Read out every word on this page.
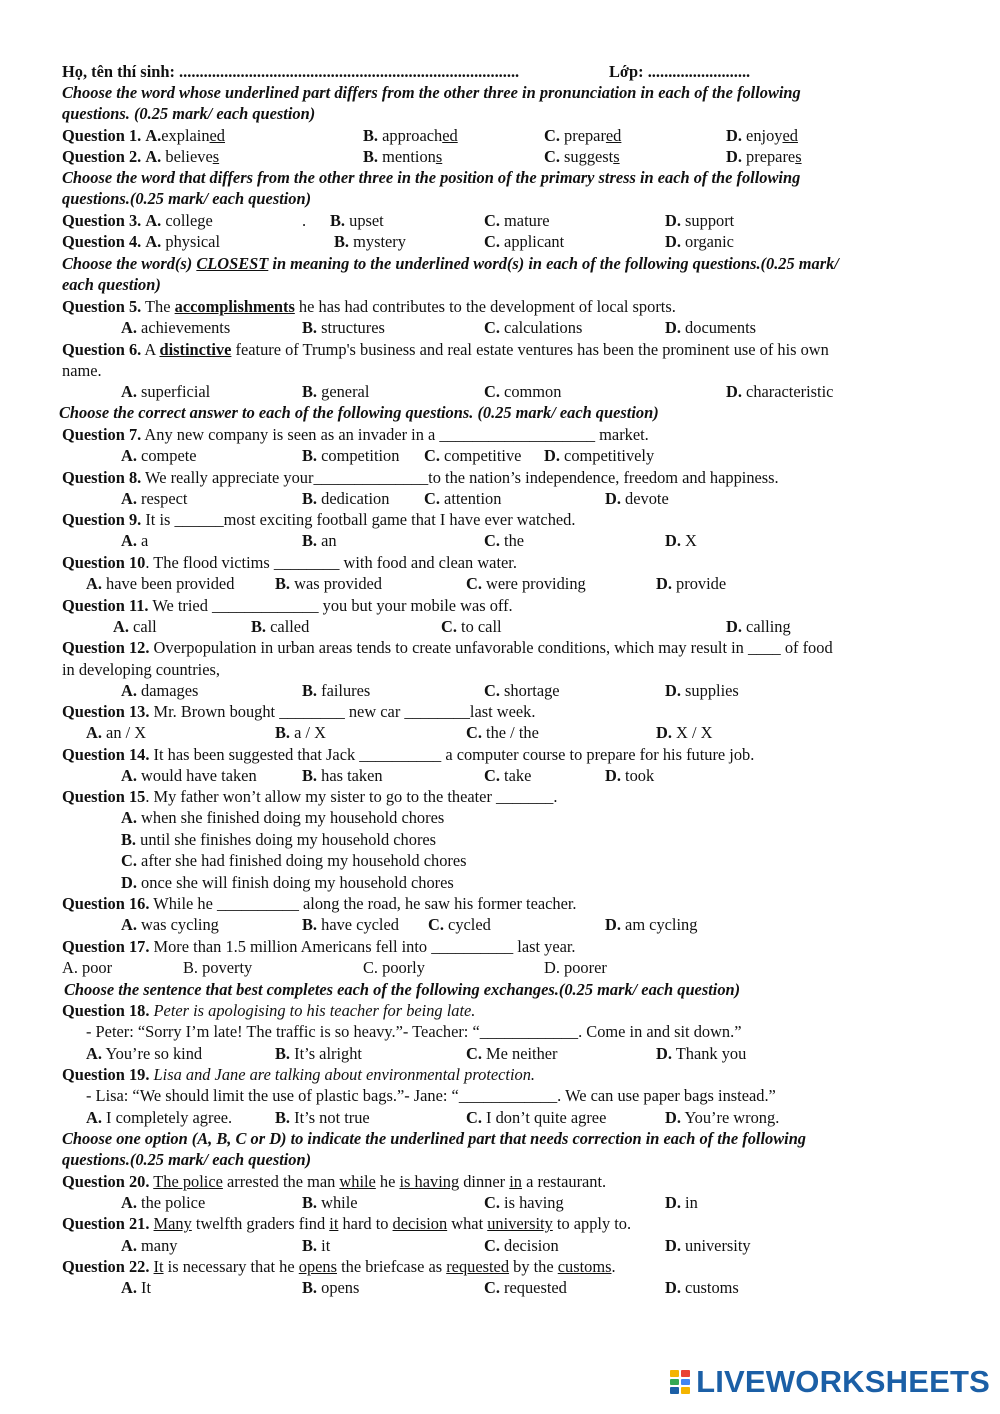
Họ, tên thí sinh: ...................................................................................	Lớp: .........................
Choose the word whose underlined part differs from the other three in pronunciation in each of the following
questions. (0.25 mark/ each question)
Question 1. A.explained	B. approached	C. prepared	D. enjoyed
Question 2. A. believes	B. mentions	C. suggests	D. prepares
Choose the word that differs from the other three in the position of the primary stress in each of the following
questions.(0.25 mark/ each question)
Question 3. A. college	. B. upset	C. mature	D. support
Question 4. A. physical	B. mystery	C. applicant	D. organic
Choose the word(s) CLOSEST in meaning to the underlined word(s) in each of the following questions.(0.25 mark/
each question)
Question 5. The accomplishments he has had contributes to the development of local sports.
A. achievements	B. structures	C. calculations	D. documents
Question 6. A distinctive feature of Trump's business and real estate ventures has been the prominent use of his own
name.
A. superficial	B. general	C. common	D. characteristic
Choose the correct answer to each of the following questions. (0.25 mark/ each question)
Question 7. Any new company is seen as an invader in a ___________________ market.
A. compete	B. competition C. competitive D. competitively
Question 8. We really appreciate your______________to the nation’s independence, freedom and happiness.
A. respect	B. dedication C. attention	D. devote
Question 9. It is ______most exciting football game that I have ever watched.
A. a	B. an	C. the	D. X
Question 10. The flood victims ________ with food and clean water.
A. have been provided B. was provided	C. were providing	D. provide
Question 11. We tried _____________ you but your mobile was off.
A. call	B. called	C. to call	D. calling
Question 12. Overpopulation in urban areas tends to create unfavorable conditions, which may result in ____ of food
in developing countries,
A. damages	B. failures	C. shortage	D. supplies
Question 13. Mr. Brown bought ________ new car ________last week.
A. an / X	B. a / X	C. the / the	D. X / X
Question 14. It has been suggested that Jack __________ a computer course to prepare for his future job.
A. would have taken	B. has taken	C. take	D. took
Question 15. My father won’t allow my sister to go to the theater _______.
A. when she finished doing my household chores
B. until she finishes doing my household chores
C. after she had finished doing my household chores
D. once she will finish doing my household chores
Question 16. While he __________ along the road, he saw his former teacher.
A. was cycling	B. have cycled C. cycled	D. am cycling
Question 17. More than 1.5 million Americans fell into __________ last year.
A. poor	B. poverty	C. poorly	D. poorer
Choose the sentence that best completes each of the following exchanges.(0.25 mark/ each question)
Question 18. Peter is apologising to his teacher for being late.
- Peter: “Sorry I’m late! The traffic is so heavy.”- Teacher: “____________. Come in and sit down.”
A. You’re so kind	B. It’s alright	C. Me neither	D. Thank you
Question 19. Lisa and Jane are talking about environmental protection.
- Lisa: “We should limit the use of plastic bags.”- Jane: “____________. We can use paper bags instead.”
A. I completely agree.	B. It’s not true	C. I don’t quite agree	D. You’re wrong.
Choose one option (A, B, C or D) to indicate the underlined part that needs correction in each of the following
questions.(0.25 mark/ each question)
Question 20. The police arrested the man while he is having dinner in a restaurant.
A. the police	B. while	C. is having	D. in
Question 21. Many twelfth graders find it hard to decision what university to apply to.
A. many	B. it	C. decision	D. university
Question 22. It is necessary that he opens the briefcase as requested by the customs.
A. It	B. opens	C. requested	D. customs
LIVEWORKSHEETS
